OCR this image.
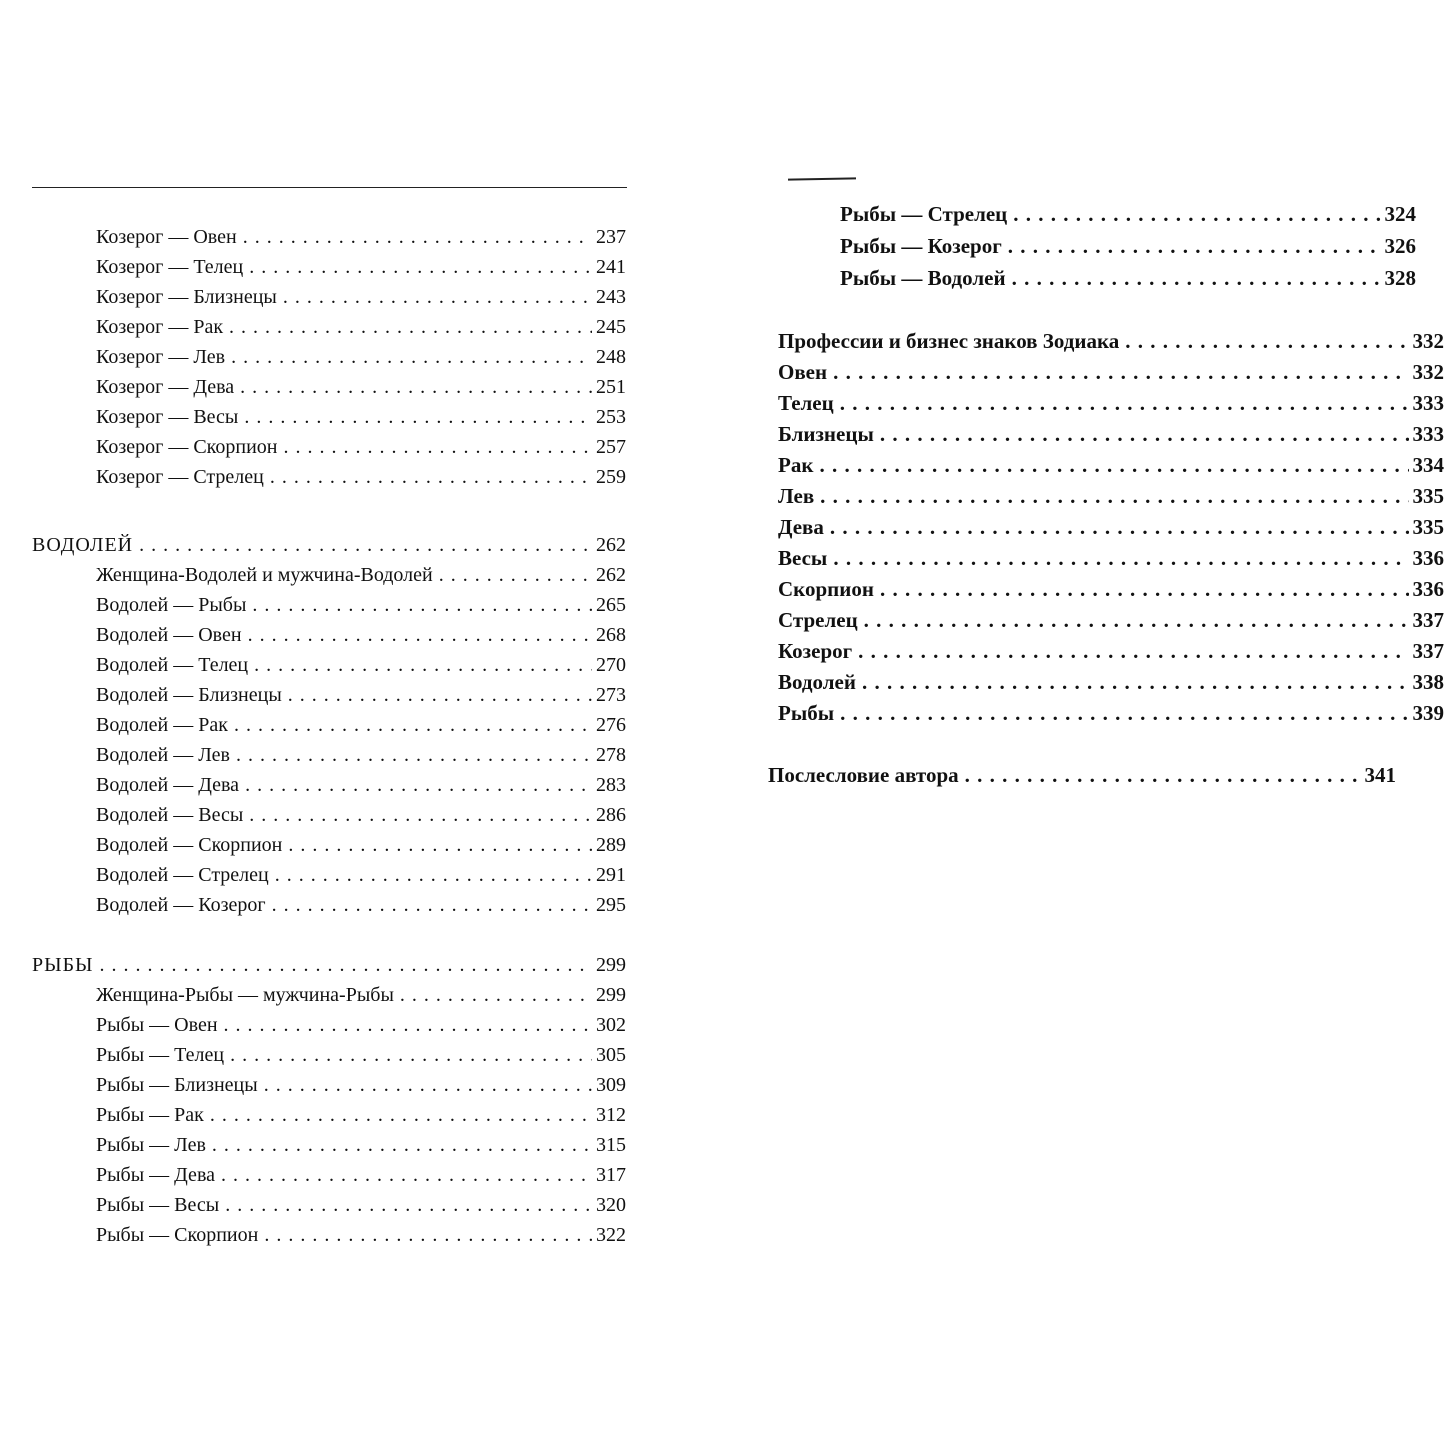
Козерог — Овен . . .	237
Козерог — Телец . . .	241
Козерог — Близнецы . . .	243
Козерог — Рак . . .	245
Козерог — Лев . . .	248
Козерог — Дева . . .	251
Козерог — Весы . . .	253
Козерог — Скорпион . . .	257
Козерог — Стрелец . . .	259
ВОДОЛЕЙ . . .	262
Женщина-Водолей и мужчина-Водолей . . .	262
Водолей — Рыбы . . .	265
Водолей — Овен . . .	268
Водолей — Телец . . .	270
Водолей — Близнецы . . .	273
Водолей — Рак . . .	276
Водолей — Лев . . .	278
Водолей — Дева . . .	283
Водолей — Весы . . .	286
Водолей — Скорпион . . .	289
Водолей — Стрелец . . .	291
Водолей — Козерог . . .	295
РЫБЫ . . .	299
Женщина-Рыбы — мужчина-Рыбы . . .	299
Рыбы — Овен . . .	302
Рыбы — Телец . . .	305
Рыбы — Близнецы . . .	309
Рыбы — Рак . . .	312
Рыбы — Лев . . .	315
Рыбы — Дева . . .	317
Рыбы — Весы . . .	320
Рыбы — Скорпион . . .	322
Рыбы — Стрелец . . .	324
Рыбы — Козерог . . .	326
Рыбы — Водолей . . .	328
Профессии и бизнес знаков Зодиака . . .	332
Овен . . .	332
Телец . . .	333
Близнецы . . .	333
Рак . . .	334
Лев . . .	335
Дева . . .	335
Весы . . .	336
Скорпион . . .	336
Стрелец . . .	337
Козерог . . .	337
Водолей . . .	338
Рыбы . . .	339
Послесловие автора . . .	341
